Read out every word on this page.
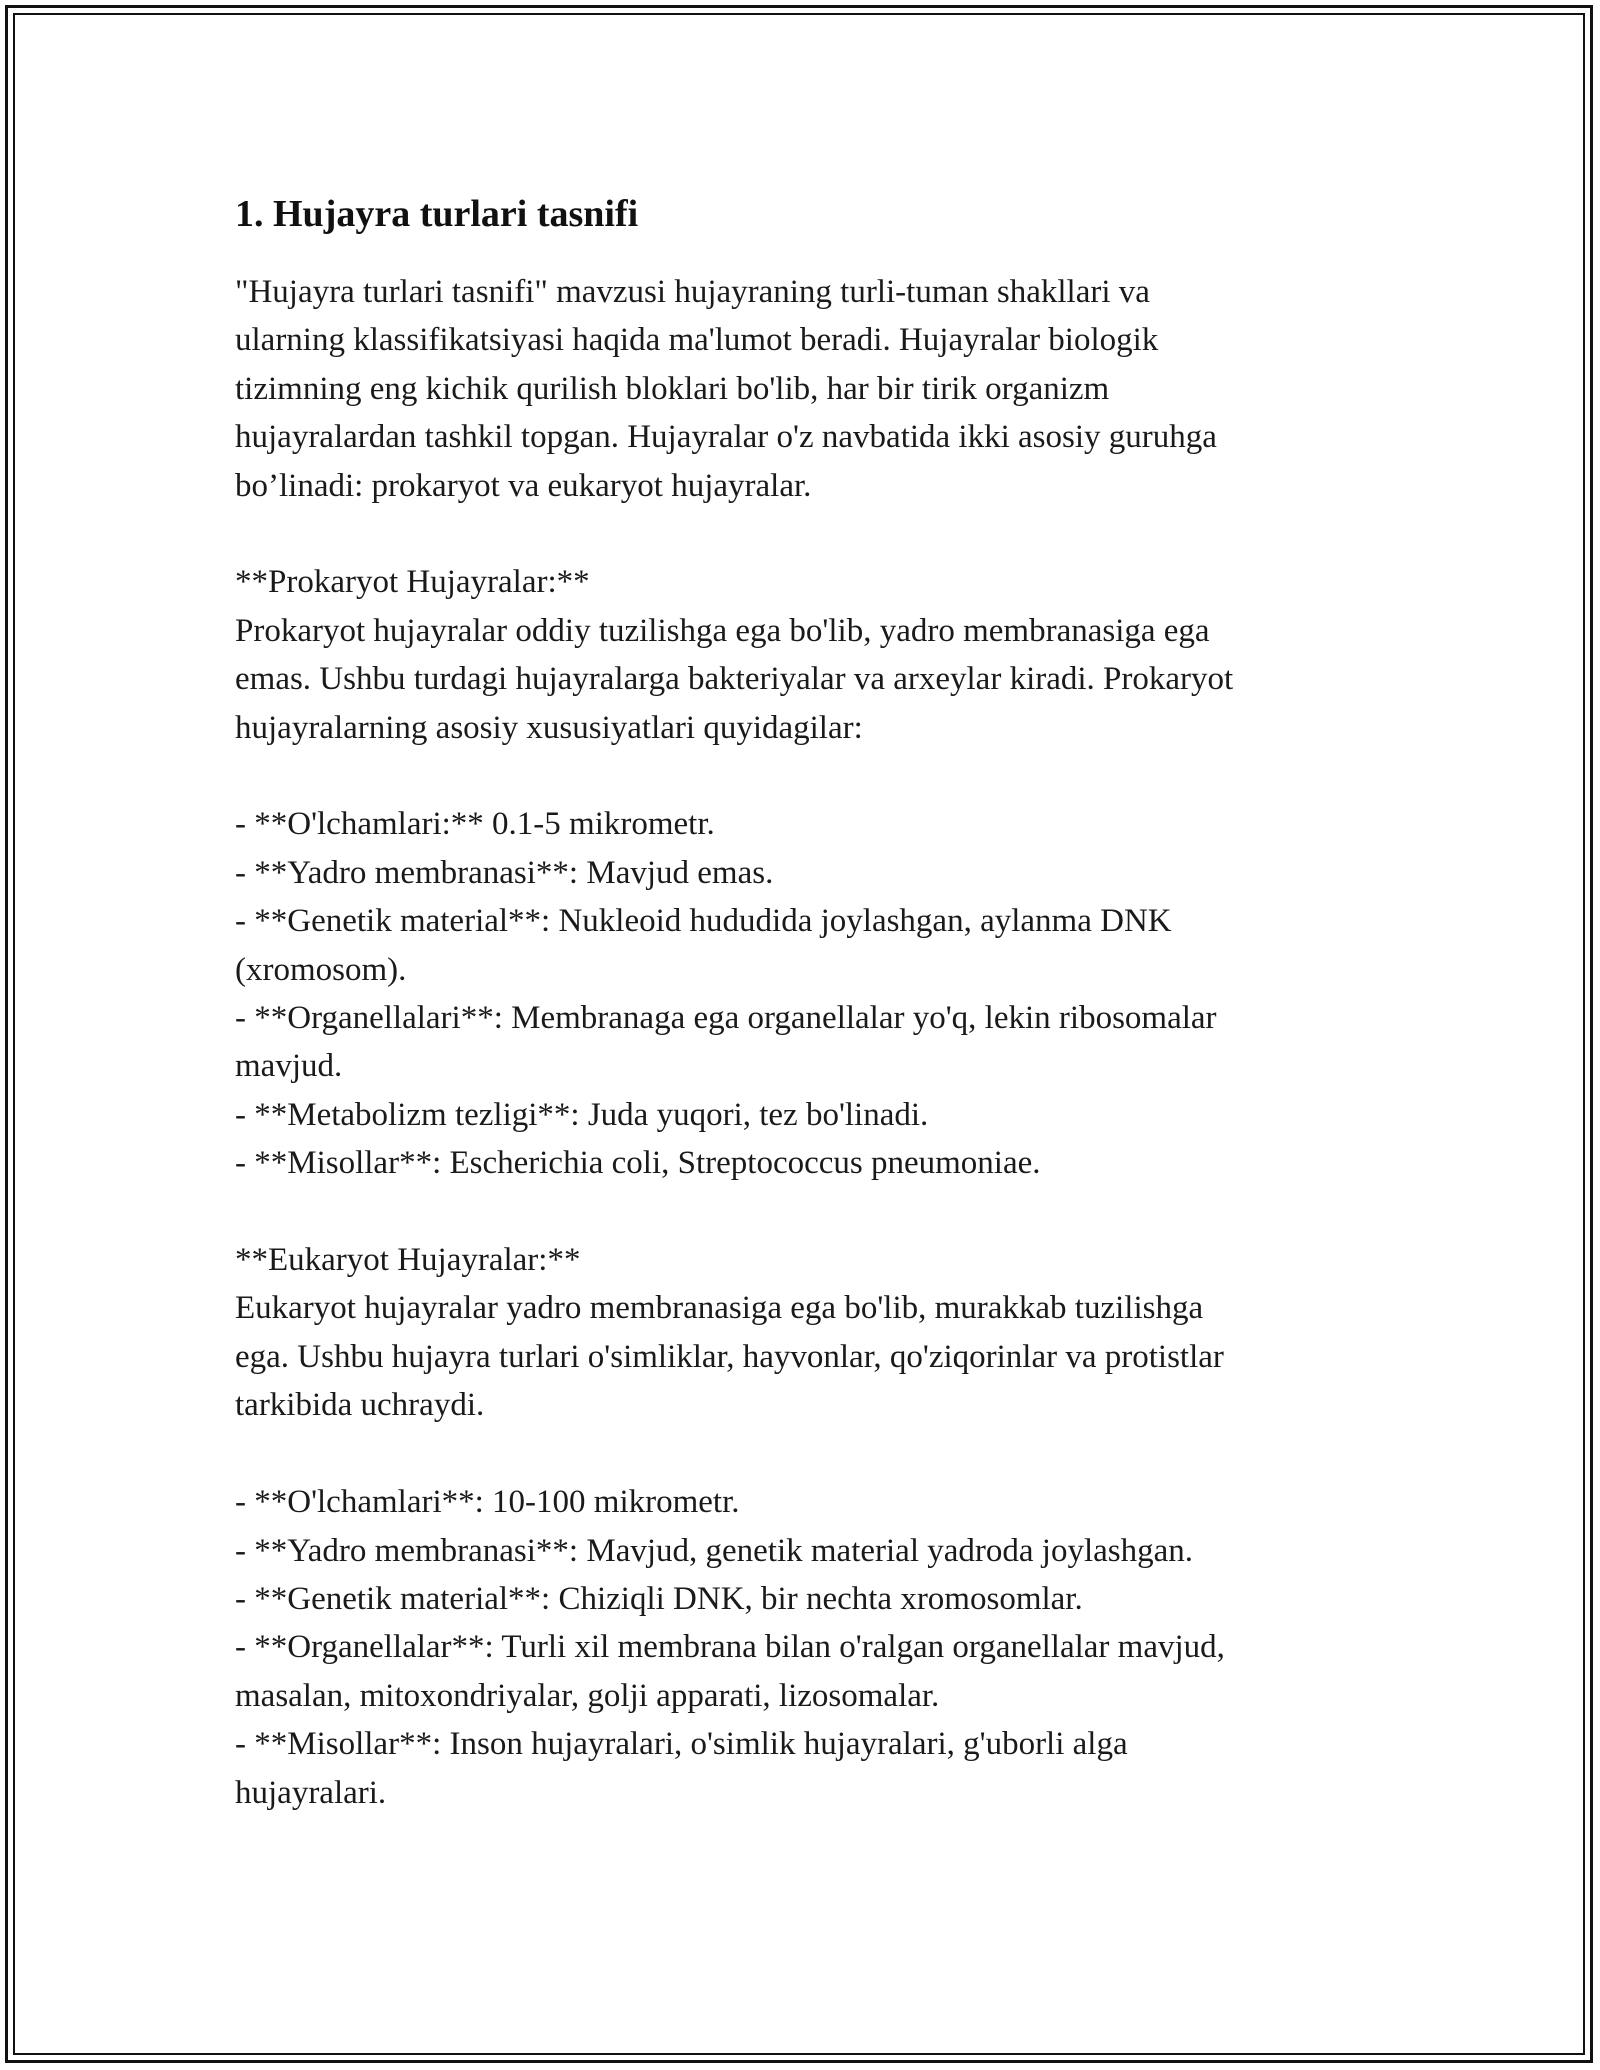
1. Hujayra turlari tasnifi
"Hujayra turlari tasnifi" mavzusi hujayraning turli-tuman shakllari va
ularning klassifikatsiyasi haqida ma'lumot beradi. Hujayralar biologik
tizimning eng kichik qurilish bloklari bo'lib, har bir tirik organizm
hujayralardan tashkil topgan. Hujayralar o'z navbatida ikki asosiy guruhga
bo’linadi: prokaryot va eukaryot hujayralar.
**Prokaryot Hujayralar:**
Prokaryot hujayralar oddiy tuzilishga ega bo'lib, yadro membranasiga ega
emas. Ushbu turdagi hujayralarga bakteriyalar va arxeylar kiradi. Prokaryot
hujayralarning asosiy xususiyatlari quyidagilar:
- **O'lchamlari:** 0.1-5 mikrometr.
- **Yadro membranasi**: Mavjud emas.
- **Genetik material**: Nukleoid hududida joylashgan, aylanma DNK
(xromosom).
- **Organellalari**: Membranaga ega organellalar yo'q, lekin ribosomalar
mavjud.
- **Metabolizm tezligi**: Juda yuqori, tez bo'linadi.
- **Misollar**: Escherichia coli, Streptococcus pneumoniae.
**Eukaryot Hujayralar:**
Eukaryot hujayralar yadro membranasiga ega bo'lib, murakkab tuzilishga
ega. Ushbu hujayra turlari o'simliklar, hayvonlar, qo'ziqorinlar va protistlar
tarkibida uchraydi.
- **O'lchamlari**: 10-100 mikrometr.
- **Yadro membranasi**: Mavjud, genetik material yadroda joylashgan.
- **Genetik material**: Chiziqli DNK, bir nechta xromosomlar.
- **Organellalar**: Turli xil membrana bilan o'ralgan organellalar mavjud,
masalan, mitoxondriyalar, golji apparati, lizosomalar.
- **Misollar**: Inson hujayralari, o'simlik hujayralari, g'uborli alga
hujayralari.
